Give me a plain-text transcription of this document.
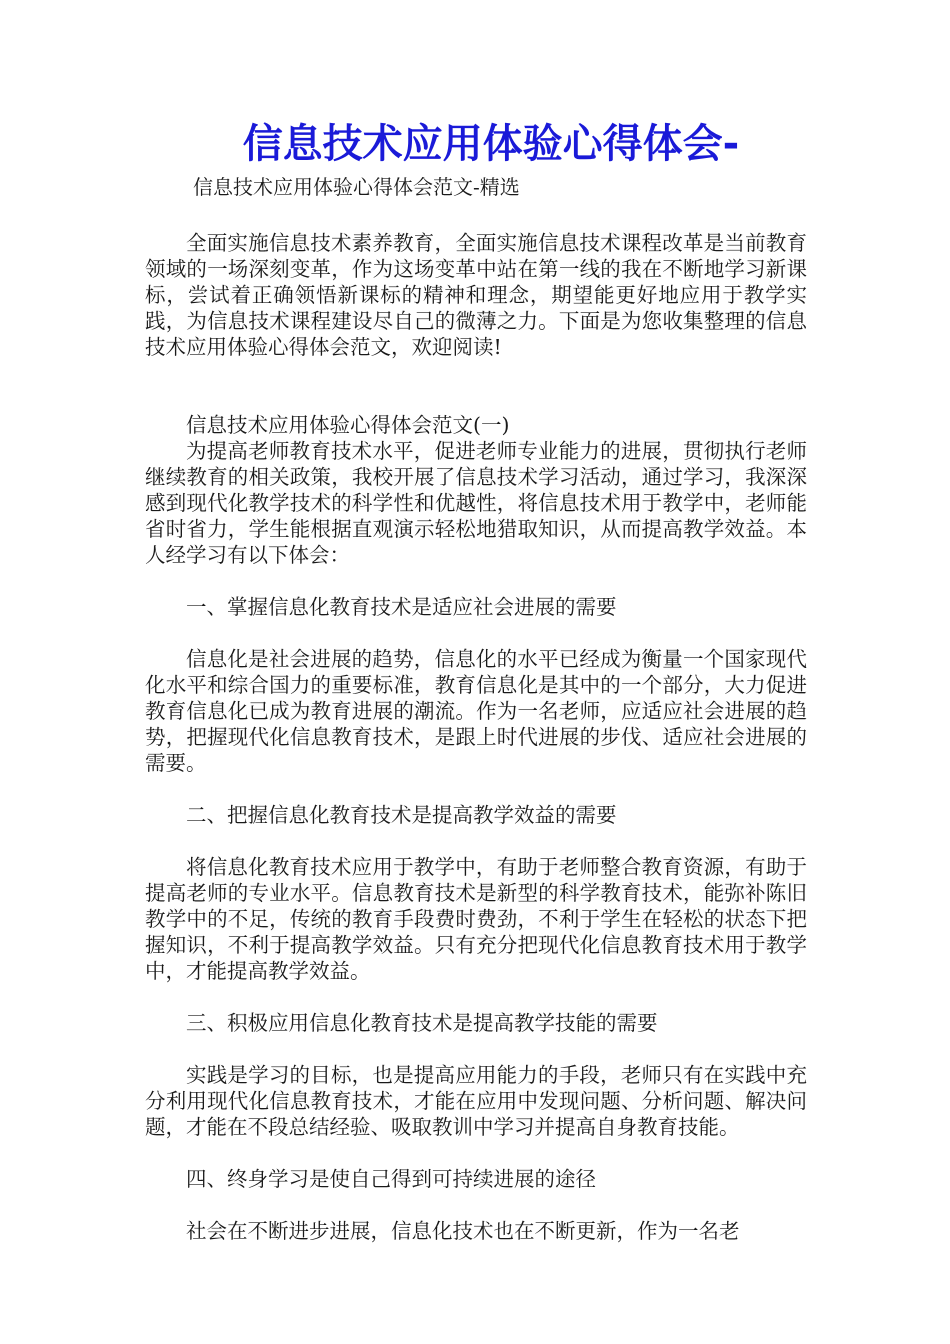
信息技术应用体验心得体会-
信息技术应用体验心得体会范文-精选

全面实施信息技术素养教育，全面实施信息技术课程改革是当前教育领域的一场深刻变革，作为这场变革中站在第一线的我在不断地学习新课标，尝试着正确领悟新课标的精神和理念，期望能更好地应用于教学实践，为信息技术课程建设尽自己的微薄之力。下面是为您收集整理的信息技术应用体验心得体会范文，欢迎阅读!

信息技术应用体验心得体会范文(一)

为提高老师教育技术水平，促进老师专业能力的进展，贯彻执行老师继续教育的相关政策，我校开展了信息技术学习活动，通过学习，我深深感到现代化教学技术的科学性和优越性，将信息技术用于教学中，老师能省时省力，学生能根据直观演示轻松地猎取知识，从而提高教学效益。本人经学习有以下体会：

一、掌握信息化教育技术是适应社会进展的需要

信息化是社会进展的趋势，信息化的水平已经成为衡量一个国家现代化水平和综合国力的重要标准，教育信息化是其中的一个部分，大力促进教育信息化已成为教育进展的潮流。作为一名老师，应适应社会进展的趋势，把握现代化信息教育技术，是跟上时代进展的步伐、适应社会进展的需要。

二、把握信息化教育技术是提高教学效益的需要

将信息化教育技术应用于教学中，有助于老师整合教育资源，有助于提高老师的专业水平。信息教育技术是新型的科学教育技术，能弥补陈旧教学中的不足，传统的教育手段费时费劲，不利于学生在轻松的状态下把握知识，不利于提高教学效益。只有充分把现代化信息教育技术用于教学中，才能提高教学效益。

三、积极应用信息化教育技术是提高教学技能的需要

实践是学习的目标，也是提高应用能力的手段，老师只有在实践中充分利用现代化信息教育技术，才能在应用中发现问题、分析问题、解决问题，才能在不段总结经验、吸取教训中学习并提高自身教育技能。

四、终身学习是使自己得到可持续进展的途径

社会在不断进步进展，信息化技术也在不断更新，作为一名老
